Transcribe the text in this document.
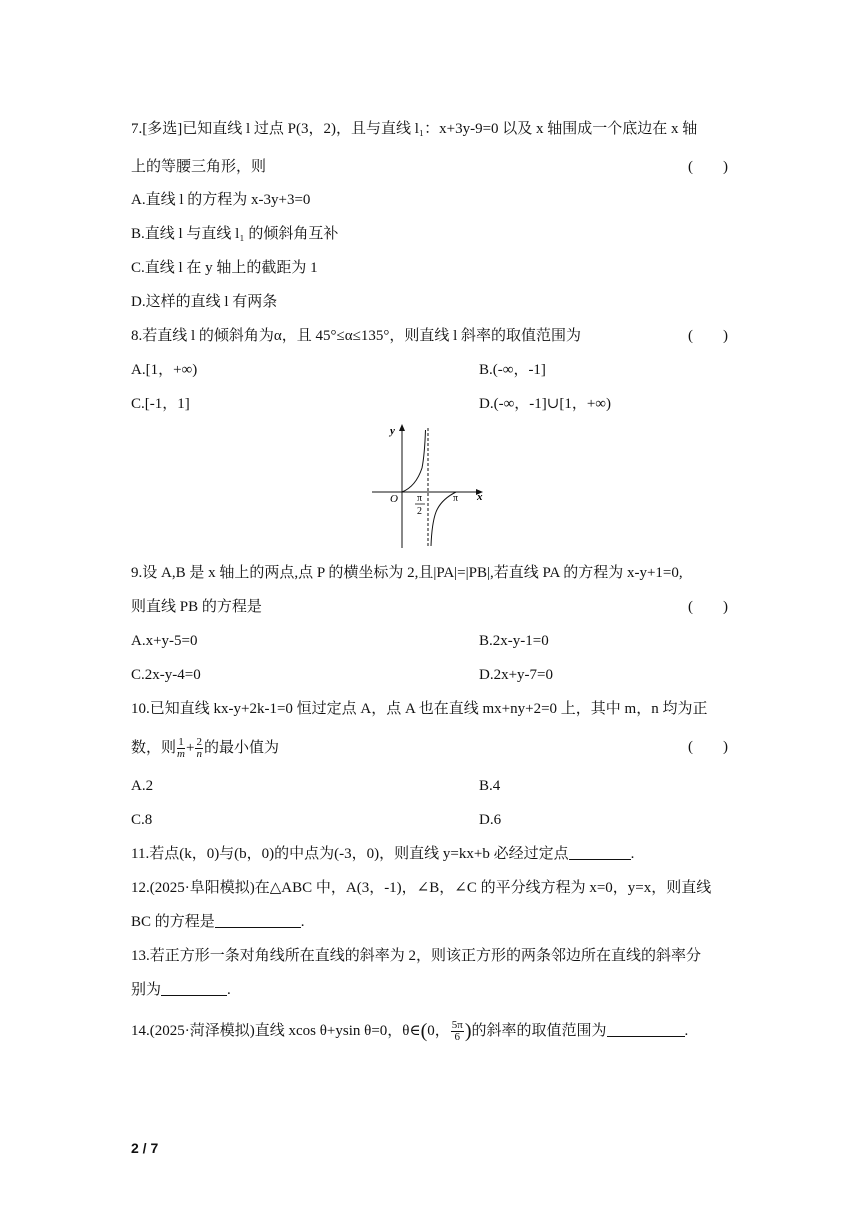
7.[多选]已知直线 l 过点 P(3，2)，且与直线 l₁：x+3y-9=0 以及 x 轴围成一个底边在 x 轴
上的等腰三角形，则	(　　)
A.直线 l 的方程为 x-3y+3=0
B.直线 l 与直线 l₁ 的倾斜角互补
C.直线 l 在 y 轴上的截距为 1
D.这样的直线 l 有两条
8.若直线 l 的倾斜角为α，且 45°≤α≤135°，则直线 l 斜率的取值范围为	(　　)
A.[1，+∞)	B.(-∞，-1]
C.[-1，1]	D.(-∞，-1]∪[1，+∞)
y
x
O π
2
π
9.设 A,B 是 x 轴上的两点,点 P 的横坐标为 2,且|PA|=|PB|,若直线 PA 的方程为 x-y+1=0,
则直线 PB 的方程是	(　　)
A.x+y-5=0	B.2x-y-1=0
C.2x-y-4=0	D.2x+y-7=0
10.已知直线 kx-y+2k-1=0 恒过定点 A，点 A 也在直线 mx+ny+2=0 上，其中 m，n 均为正
数，则 $\frac{1}{m} + \frac{2}{n}$ 的最小值为	(　　)
A.2	B.4
C.8	D.6
11.若点(k，0)与(b，0)的中点为(-3，0)，则直线 y=kx+b 必经过定点	.
12.(2025·阜阳模拟)在△ABC 中，A(3，-1)，∠B，∠C 的平分线方程为 x=0，y=x，则直线
BC 的方程是	.
13.若正方形一条对角线所在直线的斜率为 2，则该正方形的两条邻边所在直线的斜率分
别为	.
14.(2025·菏泽模拟)直线 xcos θ+ysin θ=0，θ∈(0， $\frac{5\pi}{6}$ )的斜率的取值范围为	.
2 / 7
